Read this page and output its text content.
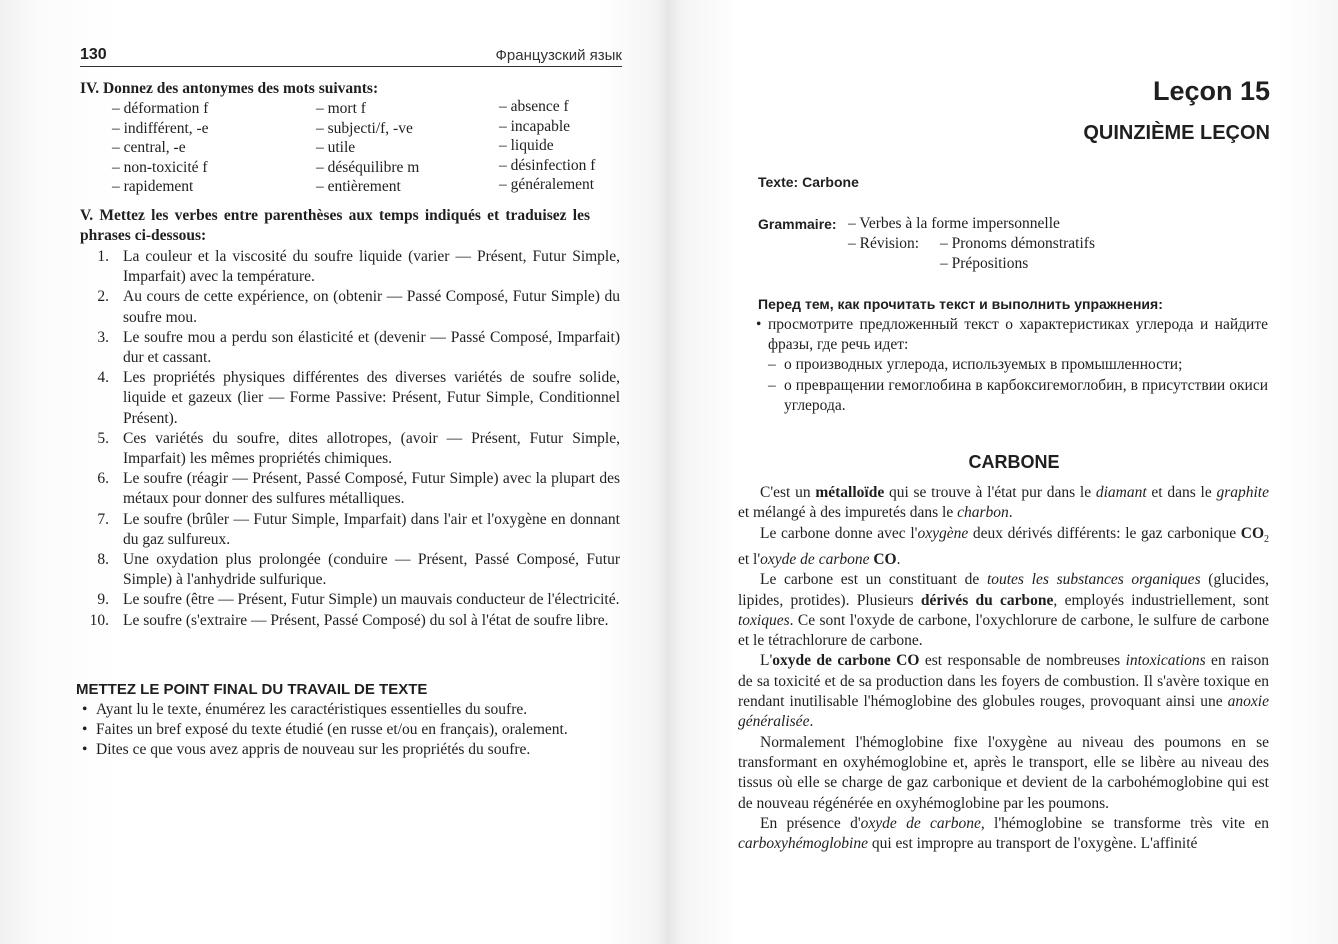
130	Французский язык
IV. Donnez des antonymes des mots suivants:
– déformation f
– indifférent, -e
– central, -e
– non-toxicité f
– rapidement
– mort f
– subjecti/f, -ve
– utile
– déséquilibre m
– entièrement
– absence f
– incapable
– liquide
– désinfection f
– généralement
V. Mettez les verbes entre parenthèses aux temps indiqués et traduisez les phrases ci-dessous:
1. La couleur et la viscosité du soufre liquide (varier — Présent, Futur Simple, Imparfait) avec la température.
2. Au cours de cette expérience, on (obtenir — Passé Composé, Futur Simple) du soufre mou.
3. Le soufre mou a perdu son élasticité et (devenir — Passé Composé, Imparfait) dur et cassant.
4. Les propriétés physiques différentes des diverses variétés de soufre solide, liquide et gazeux (lier — Forme Passive: Présent, Futur Simple, Conditionnel Présent).
5. Ces variétés du soufre, dites allotropes, (avoir — Présent, Futur Simple, Imparfait) les mêmes propriétés chimiques.
6. Le soufre (réagir — Présent, Passé Composé, Futur Simple) avec la plupart des métaux pour donner des sulfures métalliques.
7. Le soufre (brûler — Futur Simple, Imparfait) dans l'air et l'oxygène en donnant du gaz sulfureux.
8. Une oxydation plus prolongée (conduire — Présent, Passé Composé, Futur Simple) à l'anhydride sulfurique.
9. Le soufre (être — Présent, Futur Simple) un mauvais conducteur de l'électricité.
10. Le soufre (s'extraire — Présent, Passé Composé) du sol à l'état de soufre libre.
METTEZ LE POINT FINAL DU TRAVAIL DE TEXTE
• Ayant lu le texte, énumérez les caractéristiques essentielles du soufre.
• Faites un bref exposé du texte étudié (en russe et/ou en français), oralement.
• Dites ce que vous avez appris de nouveau sur les propriétés du soufre.
Leçon 15
QUINZIÈME LEÇON
Texte: Carbone
Grammaire: – Verbes à la forme impersonnelle
– Révision: – Pronoms démonstratifs
– Prépositions
Перед тем, как прочитать текст и выполнить упражнения:
• просмотрите предложенный текст о характеристиках углерода и найдите фразы, где речь идет:
– о производных углерода, используемых в промышленности;
– о превращении гемоглобина в карбоксигемоглобин, в присутствии окиси углерода.
CARBONE

C'est un métalloïde qui se trouve à l'état pur dans le diamant et dans le graphite et mélangé à des impuretés dans le charbon.

Le carbone donne avec l'oxygène deux dérivés différents: le gaz carbonique $CO_2$ et l'oxyde de carbone CO.

Le carbone est un constituant de toutes les substances organiques (glucides, lipides, protides). Plusieurs dérivés du carbone, employés industriellement, sont toxiques. Ce sont l'oxyde de carbone, l'oxychlorure de carbone, le sulfure de carbone et le tétrachlorure de carbone.

L'oxyde de carbone CO est responsable de nombreuses intoxications en raison de sa toxicité et de sa production dans les foyers de combustion. Il s'avère toxique en rendant inutilisable l'hémoglobine des globules rouges, provoquant ainsi une anoxie généralisée.

Normalement l'hémoglobine fixe l'oxygène au niveau des poumons en se transformant en oxyhémoglobine et, après le transport, elle se libère au niveau des tissus où elle se charge de gaz carbonique et devient de la carbohémoglobine qui est de nouveau régénérée en oxyhémoglobine par les poumons.

En présence d'oxyde de carbone, l'hémoglobine se transforme très vite en carboxyhémoglobine qui est impropre au transport de l'oxygène. L'affinité
